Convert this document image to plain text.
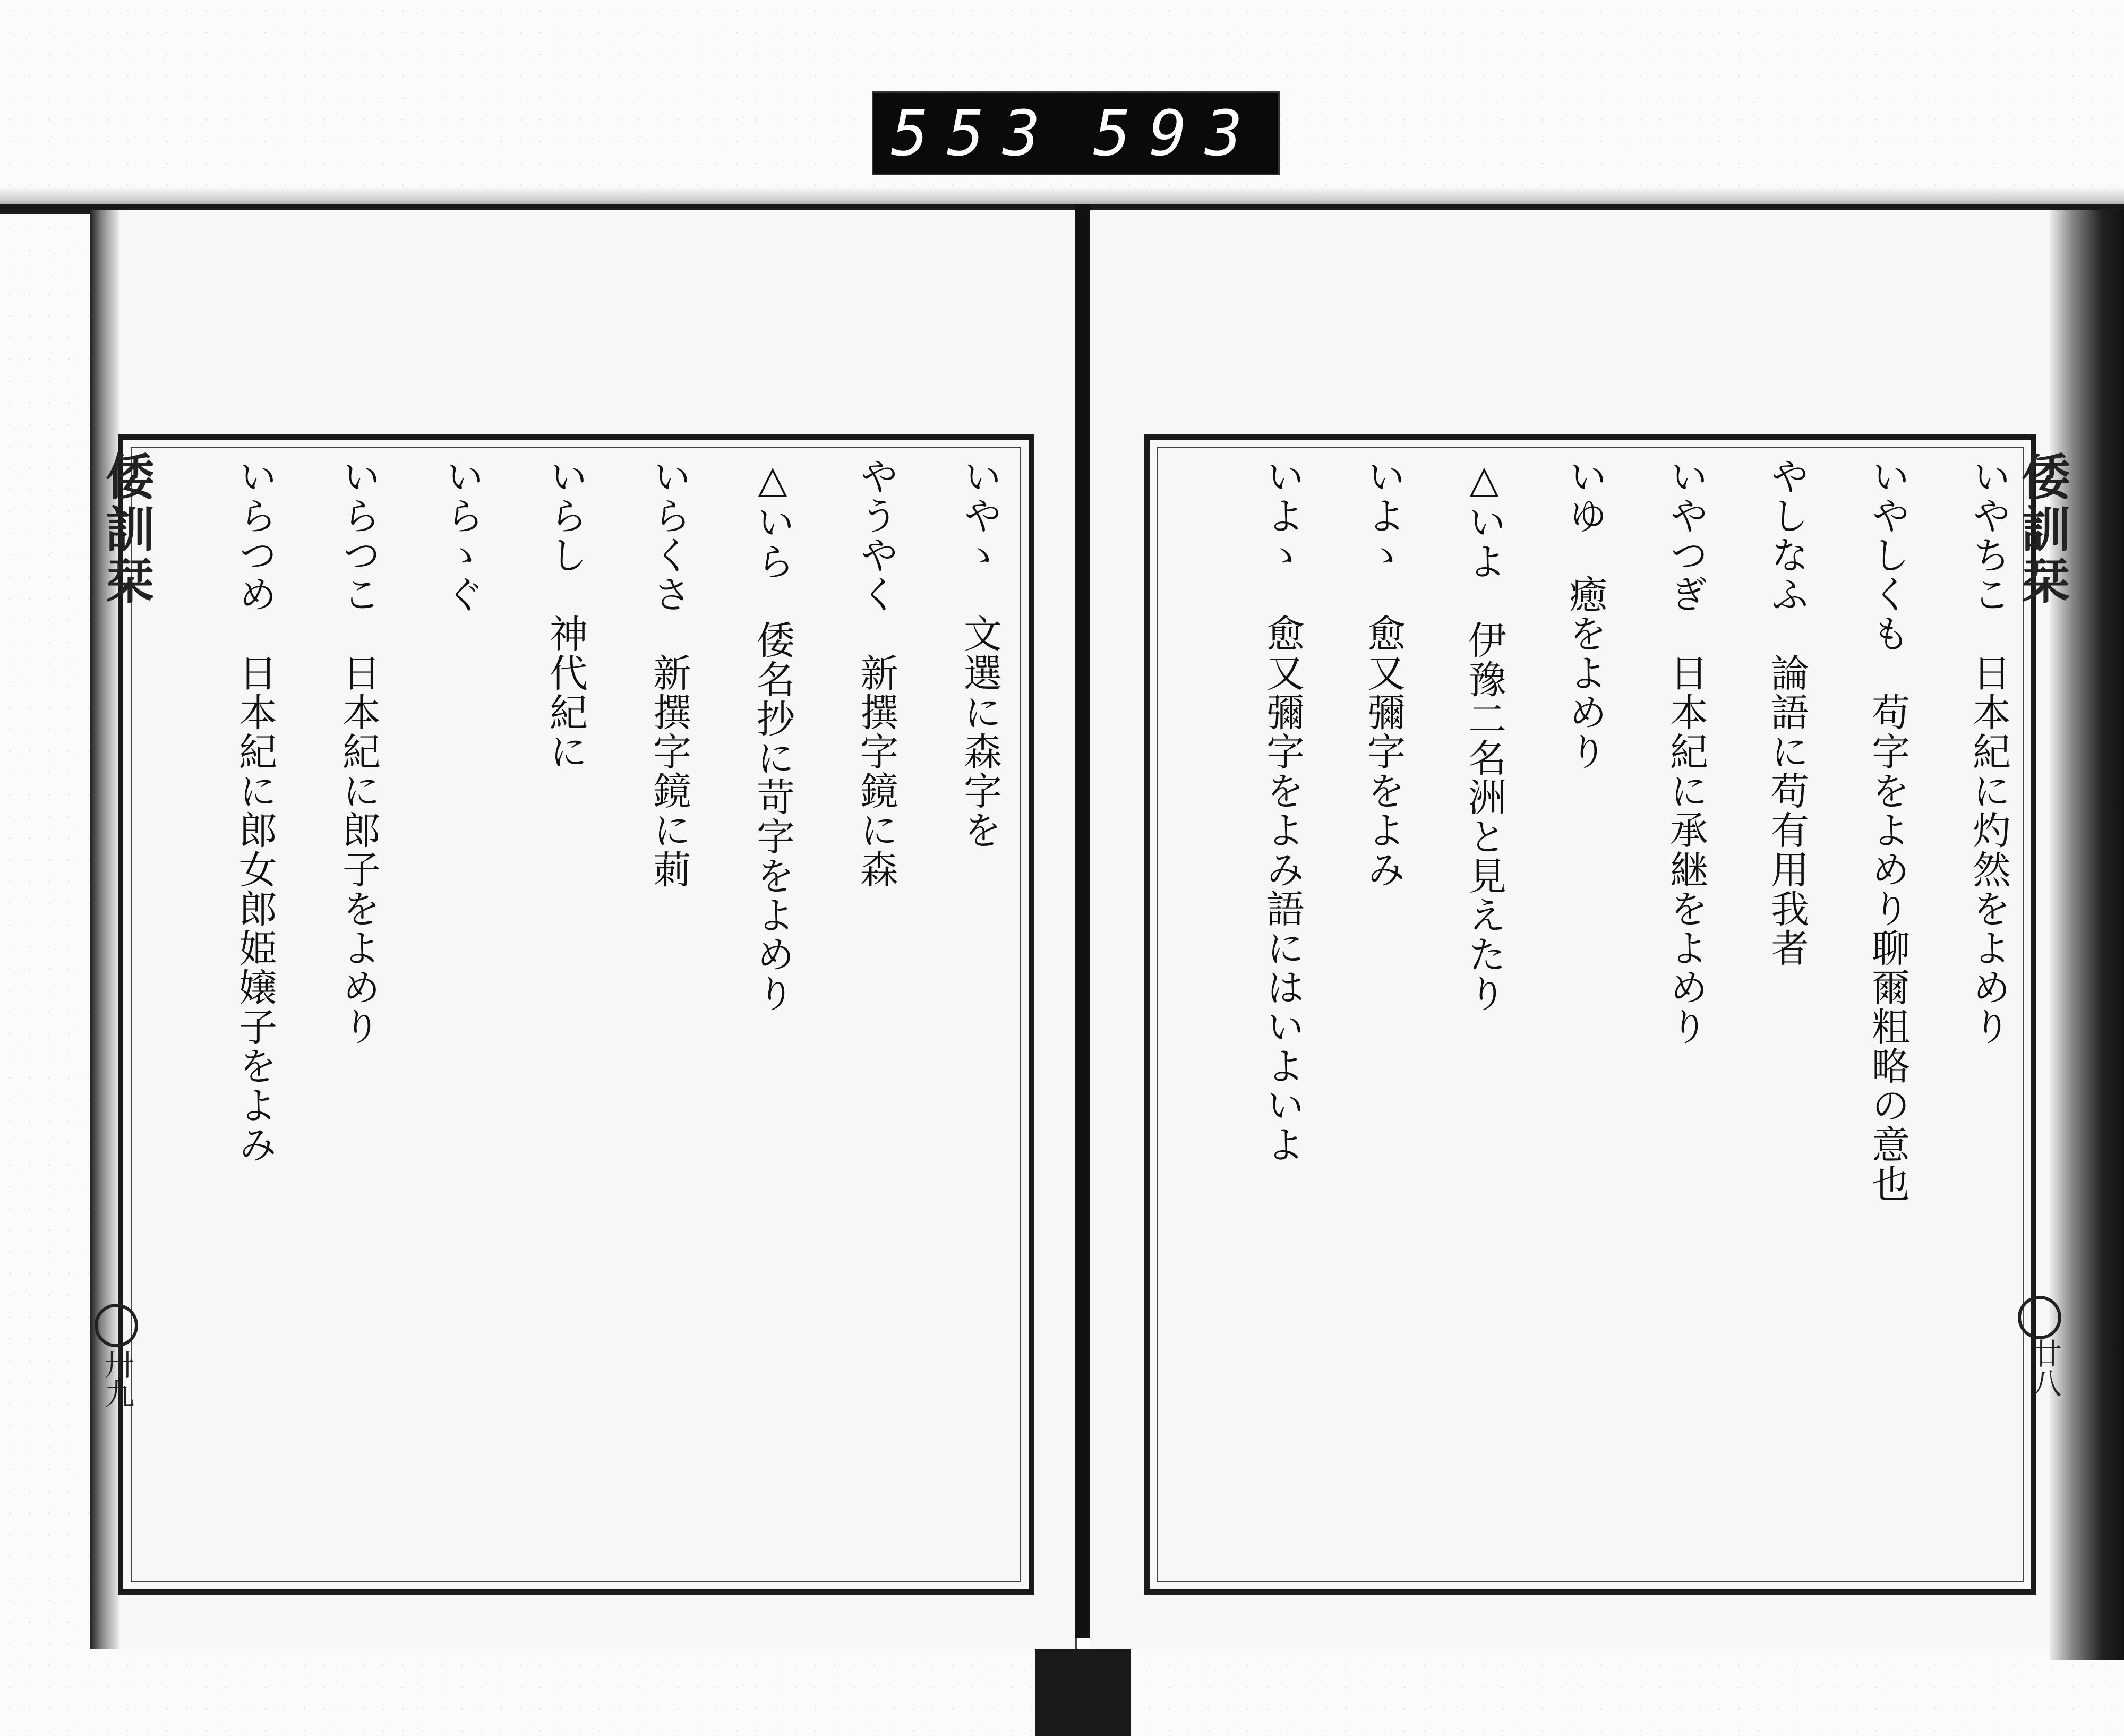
553 593
倭訓栞
卅九
いやゝ　文選に森字を
やうやく　新撰字鏡に森
△いら　倭名抄に苛字をよめり
いらくさ　新撰字鏡に莿
いらし　神代紀に
いらゝぐ
いらつこ　日本紀に郎子をよめり
いらつめ　日本紀に郎女郎姫嬢子をよみ	倭訓栞
廿八
いやちこ　日本紀に灼然をよめり
いやしくも　苟字をよめり聊爾粗略の意也
やしなふ　論語に苟有用我者
いやつぎ　日本紀に承継をよめり
いゆ　癒をよめり
△いよ　伊豫二名洲と見えたり
いよゝ　愈又彌字をよみ
いよゝ　愈又彌字をよみ語にはいよいよ
